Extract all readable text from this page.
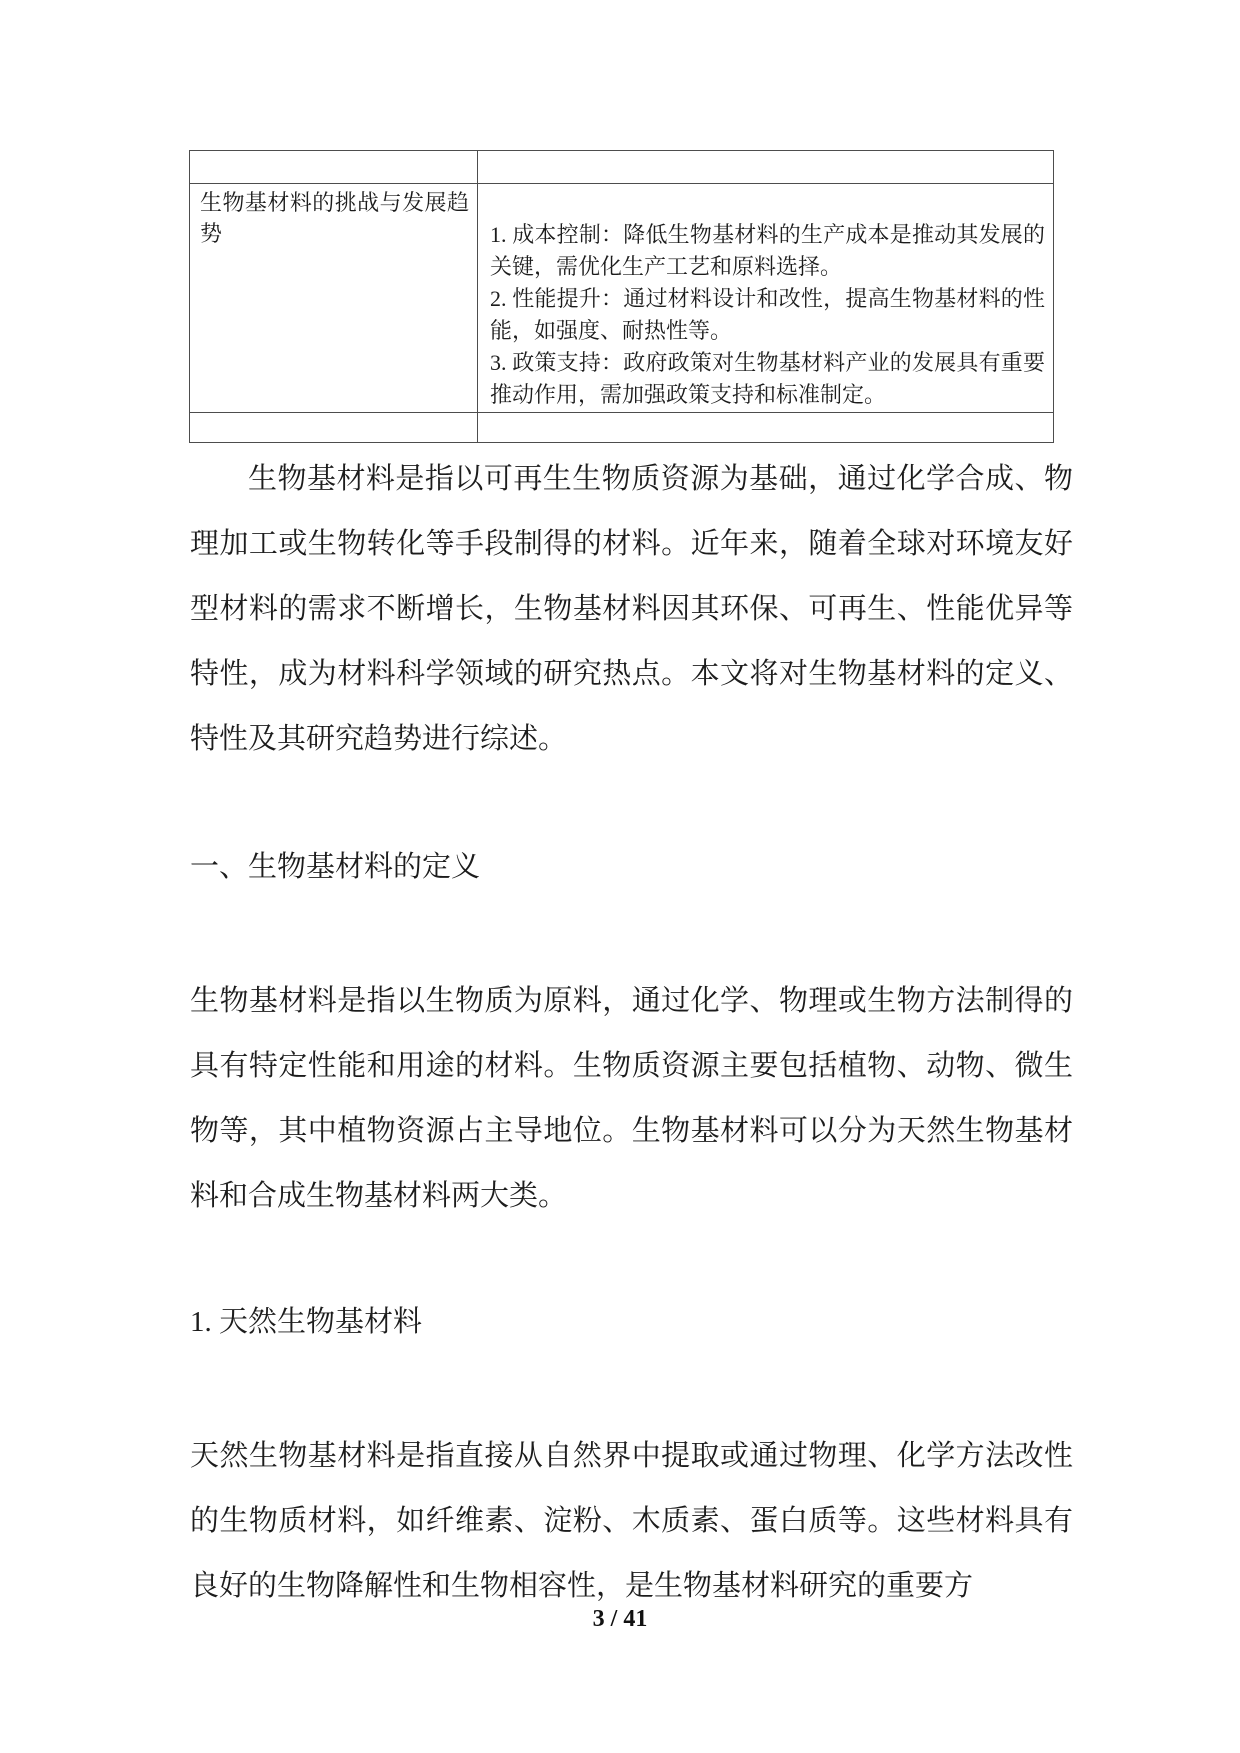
生物基材料的挑战与发展趋势	1. 成本控制：降低生物基材料的生产成本是推动其发展的关键，需优化生产工艺和原料选择。
2. 性能提升：通过材料设计和改性，提高生物基材料的性能，如强度、耐热性等。
3. 政策支持：政府政策对生物基材料产业的发展具有重要推动作用，需加强政策支持和标准制定。

生物基材料是指以可再生生物质资源为基础，通过化学合成、物理加工或生物转化等手段制得的材料。近年来，随着全球对环境友好型材料的需求不断增长，生物基材料因其环保、可再生、性能优异等特性，成为材料科学领域的研究热点。本文将对生物基材料的定义、特性及其研究趋势进行综述。

一、生物基材料的定义

生物基材料是指以生物质为原料，通过化学、物理或生物方法制得的具有特定性能和用途的材料。生物质资源主要包括植物、动物、微生物等，其中植物资源占主导地位。生物基材料可以分为天然生物基材料和合成生物基材料两大类。

1. 天然生物基材料

天然生物基材料是指直接从自然界中提取或通过物理、化学方法改性的生物质材料，如纤维素、淀粉、木质素、蛋白质等。这些材料具有良好的生物降解性和生物相容性，是生物基材料研究的重要方

3 / 41
